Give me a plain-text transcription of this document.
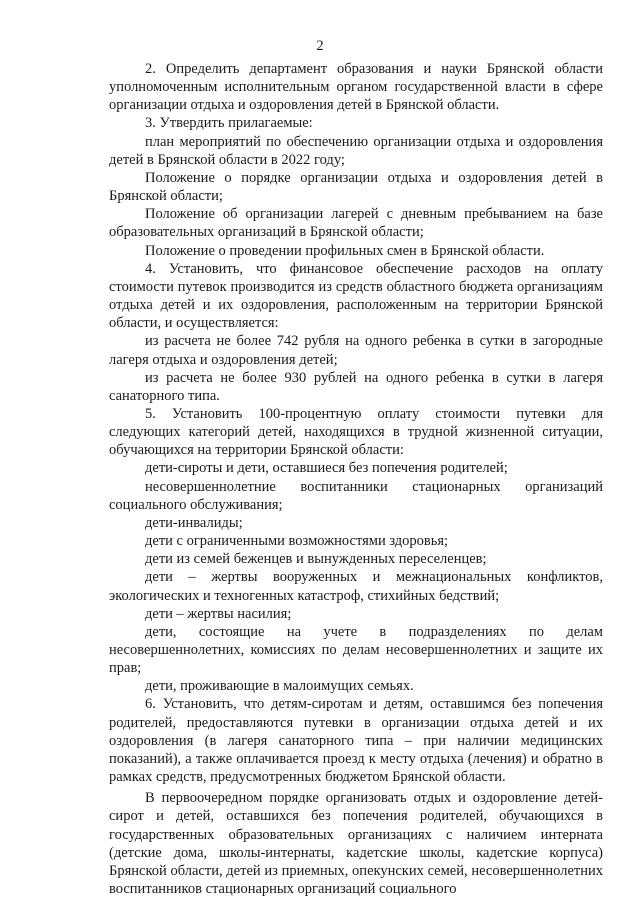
2

2. Определить департамент образования и науки Брянской области уполномоченным исполнительным органом государственной власти в сфере организации отдыха и оздоровления детей в Брянской области.

3. Утвердить прилагаемые:

план мероприятий по обеспечению организации отдыха и оздоровления детей в Брянской области в 2022 году;

Положение о порядке организации отдыха и оздоровления детей в Брянской области;

Положение об организации лагерей с дневным пребыванием на базе образовательных организаций в Брянской области;

Положение о проведении профильных смен в Брянской области.

4. Установить, что финансовое обеспечение расходов на оплату стоимости путевок производится из средств областного бюджета организациям отдыха детей и их оздоровления, расположенным на территории Брянской области, и осуществляется:

из расчета не более 742 рубля на одного ребенка в сутки в загородные лагеря отдыха и оздоровления детей;

из расчета не более 930 рублей на одного ребенка в сутки в лагеря санаторного типа.

5. Установить 100-процентную оплату стоимости путевки для следующих категорий детей, находящихся в трудной жизненной ситуации, обучающихся на территории Брянской области:

дети-сироты и дети, оставшиеся без попечения родителей;

несовершеннолетние воспитанники стационарных организаций социального обслуживания;

дети-инвалиды;

дети с ограниченными возможностями здоровья;

дети из семей беженцев и вынужденных переселенцев;

дети – жертвы вооруженных и межнациональных конфликтов, экологических и техногенных катастроф, стихийных бедствий;

дети – жертвы насилия;

дети, состоящие на учете в подразделениях по делам несовершеннолетних, комиссиях по делам несовершеннолетних и защите их прав;

дети, проживающие в малоимущих семьях.

6. Установить, что детям-сиротам и детям, оставшимся без попечения родителей, предоставляются путевки в организации отдыха детей и их оздоровления (в лагеря санаторного типа – при наличии медицинских показаний), а также оплачивается проезд к месту отдыха (лечения) и обратно в рамках средств, предусмотренных бюджетом Брянской области.

В первоочередном порядке организовать отдых и оздоровление детей-сирот и детей, оставшихся без попечения родителей, обучающихся в государственных образовательных организациях с наличием интерната (детские дома, школы-интернаты, кадетские школы, кадетские корпуса) Брянской области, детей из приемных, опекунских семей, несовершеннолетних воспитанников стационарных организаций социального
